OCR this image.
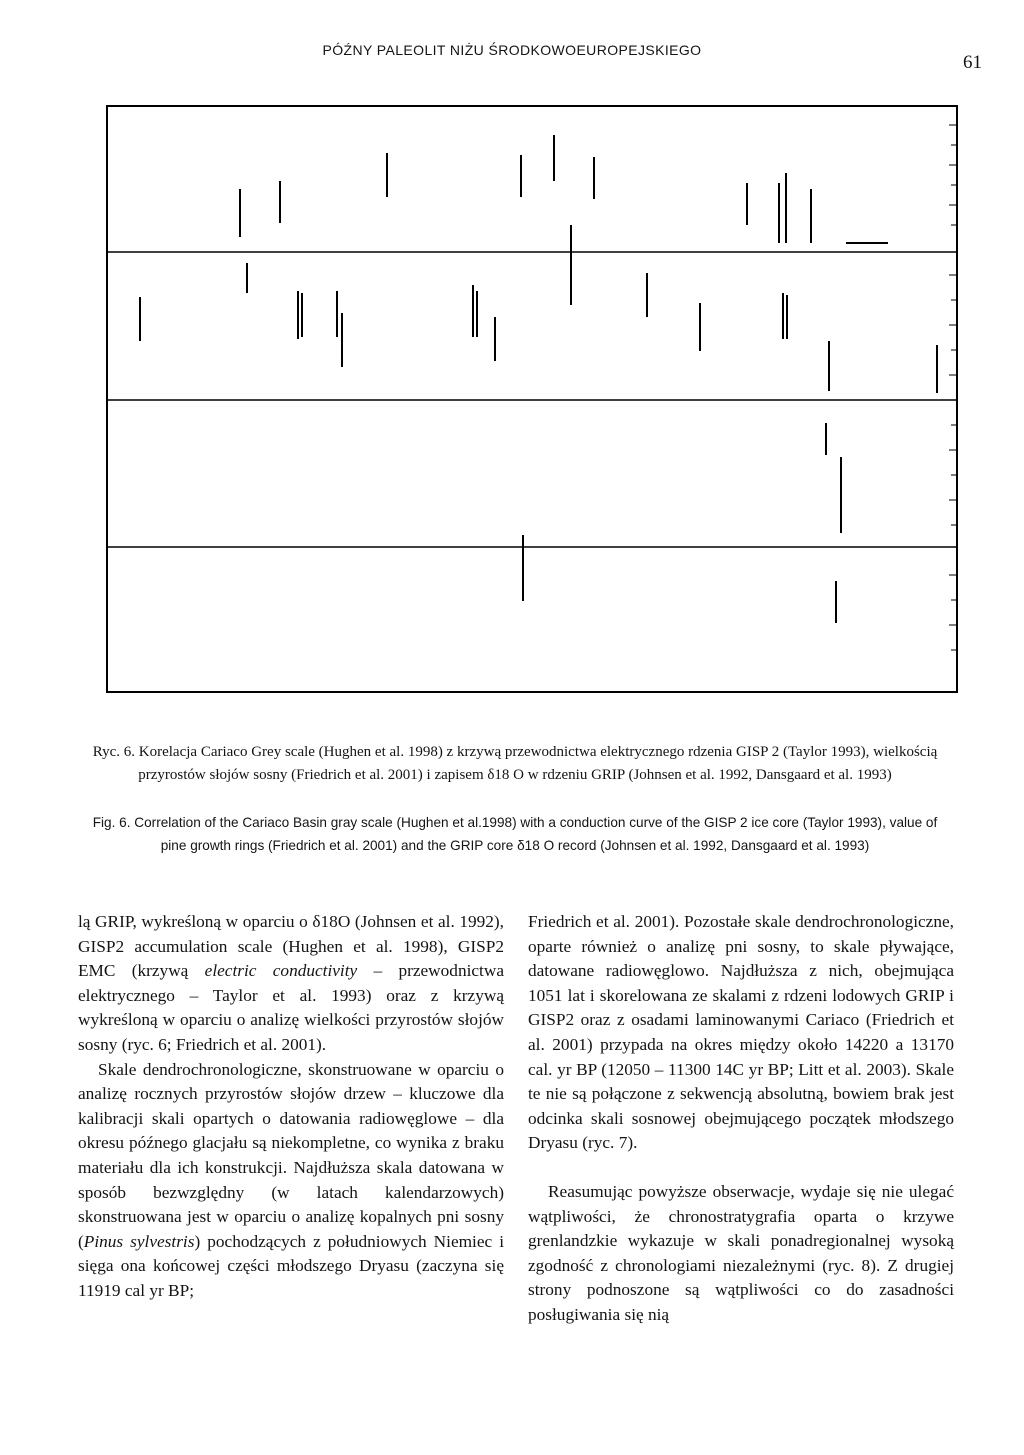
PÓŹNY PALEOLIT NIŻU ŚRODKOWOEUROPEJSKIEGO
61
Ryc. 6. Korelacja Cariaco Grey scale (Hughen et al. 1998) z krzywą przewodnictwa elektrycznego rdzenia GISP 2 (Taylor 1993), wielkością przyrostów słojów sosny (Friedrich et al. 2001) i zapisem δ18 O w rdzeniu GRIP (Johnsen et al. 1992, Dansgaard et al. 1993)
Fig. 6. Correlation of the Cariaco Basin gray scale (Hughen et al.1998) with a conduction curve of the GISP 2 ice core (Taylor 1993), value of pine growth rings (Friedrich et al. 2001) and the GRIP core δ18 O record (Johnsen et al. 1992, Dansgaard et al. 1993)

lą GRIP, wykreśloną w oparciu o δ18O (Johnsen et al. 1992), GISP2 accumulation scale (Hughen et al. 1998), GISP2 EMC (krzywą electric conductivity – przewodnictwa elektrycznego – Taylor et al. 1993) oraz z krzywą wykreśloną w oparciu o analizę wielkości przyrostów słojów sosny (ryc. 6; Friedrich et al. 2001).

Skale dendrochronologiczne, skonstruowane w oparciu o analizę rocznych przyrostów słojów drzew – kluczowe dla kalibracji skali opartych o datowania radiowęglowe – dla okresu późnego glacjału są niekompletne, co wynika z braku materiału dla ich konstrukcji. Najdłuższa skala datowana w sposób bezwzględny (w latach kalendarzowych) skonstruowana jest w oparciu o analizę kopalnych pni sosny (Pinus sylvestris) pochodzących z południowych Niemiec i sięga ona końcowej części młodszego Dryasu (zaczyna się 11919 cal yr BP;

Friedrich et al. 2001). Pozostałe skale dendrochronologiczne, oparte również o analizę pni sosny, to skale pływające, datowane radiowęglowo. Najdłuższa z nich, obejmująca 1051 lat i skorelowana ze skalami z rdzeni lodowych GRIP i GISP2 oraz z osadami laminowanymi Cariaco (Friedrich et al. 2001) przypada na okres między około 14220 a 13170 cal. yr BP (12050 – 11300 14C yr BP; Litt et al. 2003). Skale te nie są połączone z sekwencją absolutną, bowiem brak jest odcinka skali sosnowej obejmującego początek młodszego Dryasu (ryc. 7).

Reasumując powyższe obserwacje, wydaje się nie ulegać wątpliwości, że chronostratygrafia oparta o krzywe grenlandzkie wykazuje w skali ponadregionalnej wysoką zgodność z chronologiami niezależnymi (ryc. 8). Z drugiej strony podnoszone są wątpliwości co do zasadności posługiwania się nią
